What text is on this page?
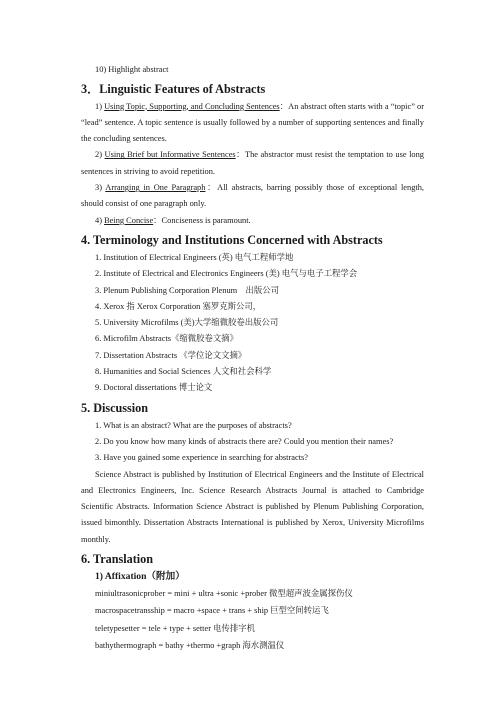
10) Highlight abstract

3．Linguistic Features of Abstracts

1) Using Topic, Supporting, and Concluding Sentences：An abstract often starts with a “topic” or “lead” sentence. A topic sentence is usually followed by a number of supporting sentences and finally the concluding sentences.

2) Using Brief but Informative Sentences：The abstractor must resist the temptation to use long sentences in striving to avoid repetition.

3) Arranging in One Paragraph：All abstracts, barring possibly those of exceptional length, should consist of one paragraph only.

4) Being Concise：Conciseness is paramount.

4. Terminology and Institutions Concerned with Abstracts

1. Institution of Electrical Engineers (英) 电气工程师学地

2. Institute of Electrical and Electronics Engineers (美) 电气与电子工程学会

3. Plenum Publishing Corporation Plenum　出版公司

4. Xerox 指 Xerox Corporation 塞罗克斯公司，

5. University Microfilms (美)大学缩微胶卷出版公司

6. Microfilm Abstracts《缩微胶卷文摘》

7. Dissertation Abstracts 《学位论文文摘》

8. Humanities and Social Sciences 人文和社会科学

9. Doctoral dissertations 博士论文

5. Discussion

1. What is an abstract? What are the purposes of abstracts?

2. Do you know how many kinds of abstracts there are? Could you mention their names?

3. Have you gained some experience in searching for abstracts?

Science Abstract is published by Institution of Electrical Engineers and the Institute of Electrical and Electronics Engineers, Inc. Science Research Abstracts Journal is attached to Cambridge Scientific Abstracts. Information Science Abstract is published by Plenum Publishing Corporation, issued bimonthly. Dissertation Abstracts International is published by Xerox, University Microfilms monthly.

6. Translation
1) Affixation（附加）

miniultrasonicprober = mini + ultra +sonic +prober 微型超声波金属探伤仪

macrospacetransship = macro +space + trans + ship 巨型空间转运飞

teletypesetter = tele + type + setter 电传排字机

bathythermograph = bathy +thermo +graph 海水测温仪
